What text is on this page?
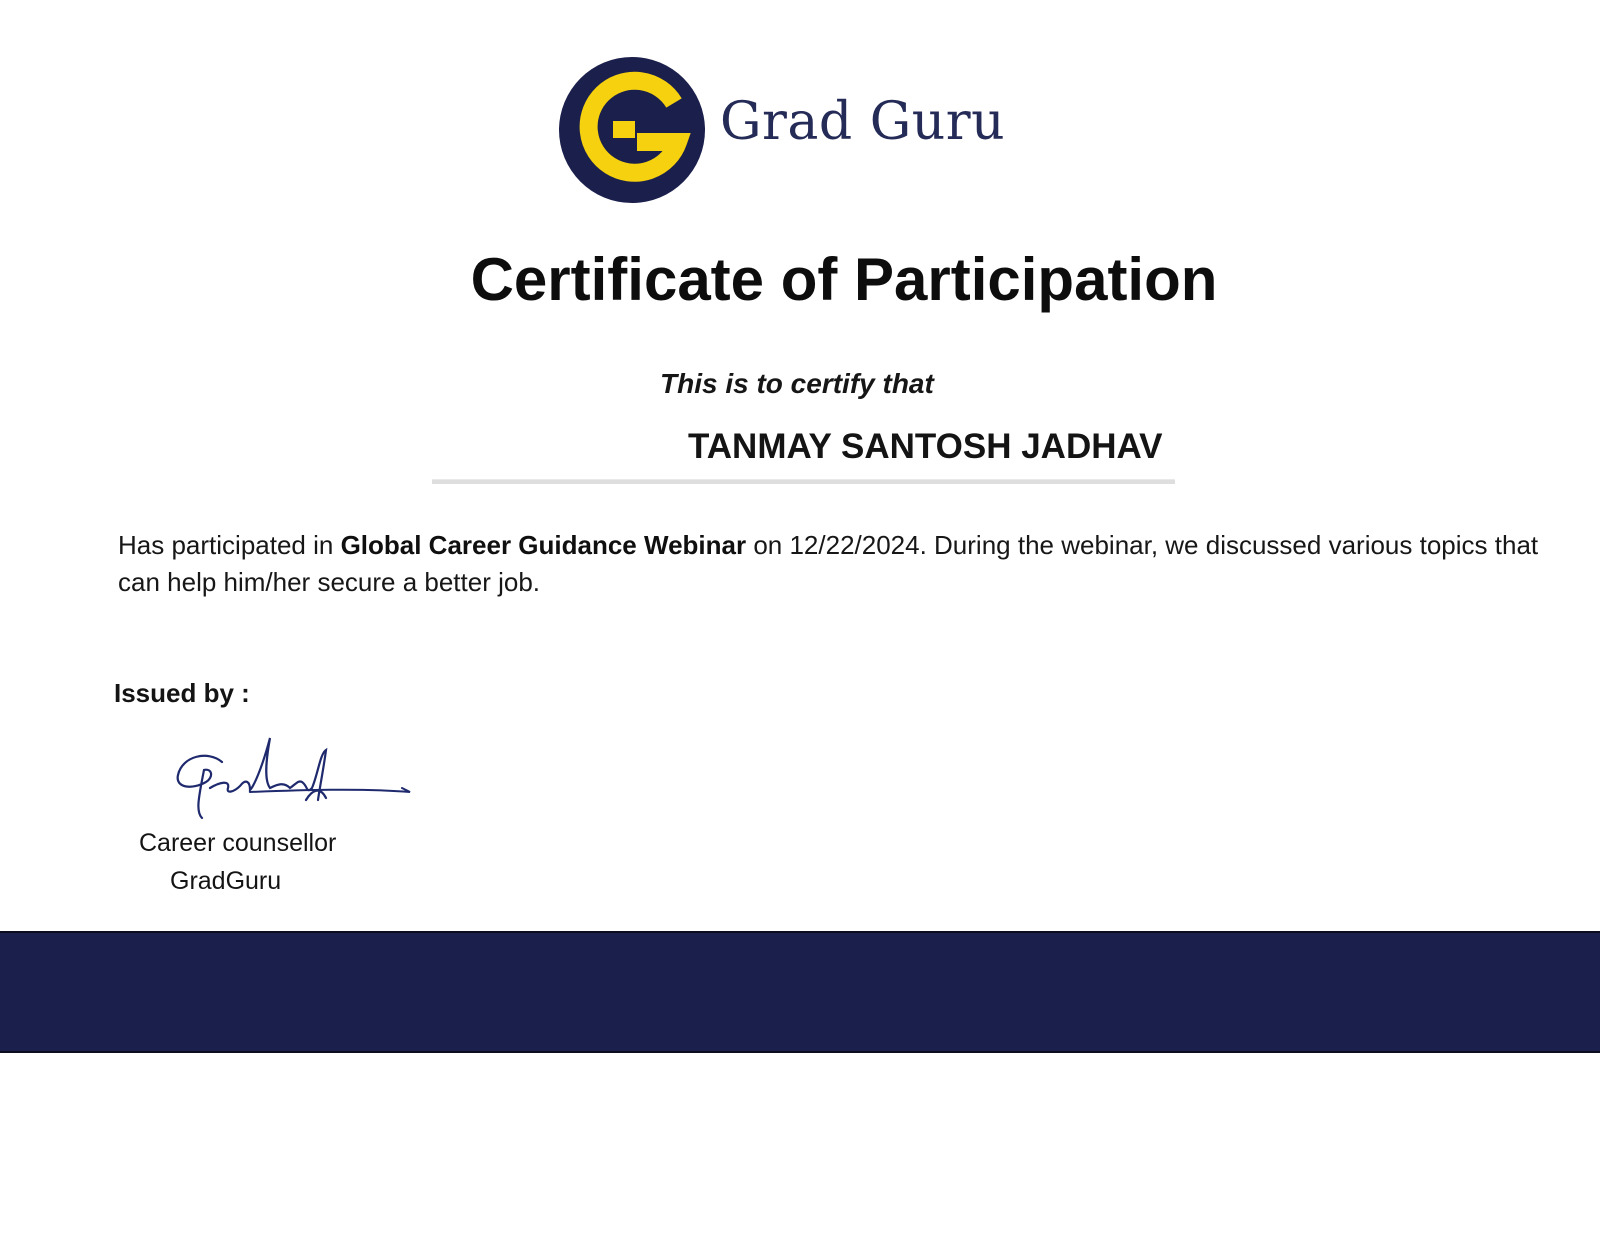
Grad Guru
Certificate of Participation
This is to certify that
TANMAY SANTOSH JADHAV
Has participated in Global Career Guidance Webinar on 12/22/2024. During the webinar, we discussed various topics that can help him/her secure a better job.
Issued by :
Career counsellor
GradGuru
